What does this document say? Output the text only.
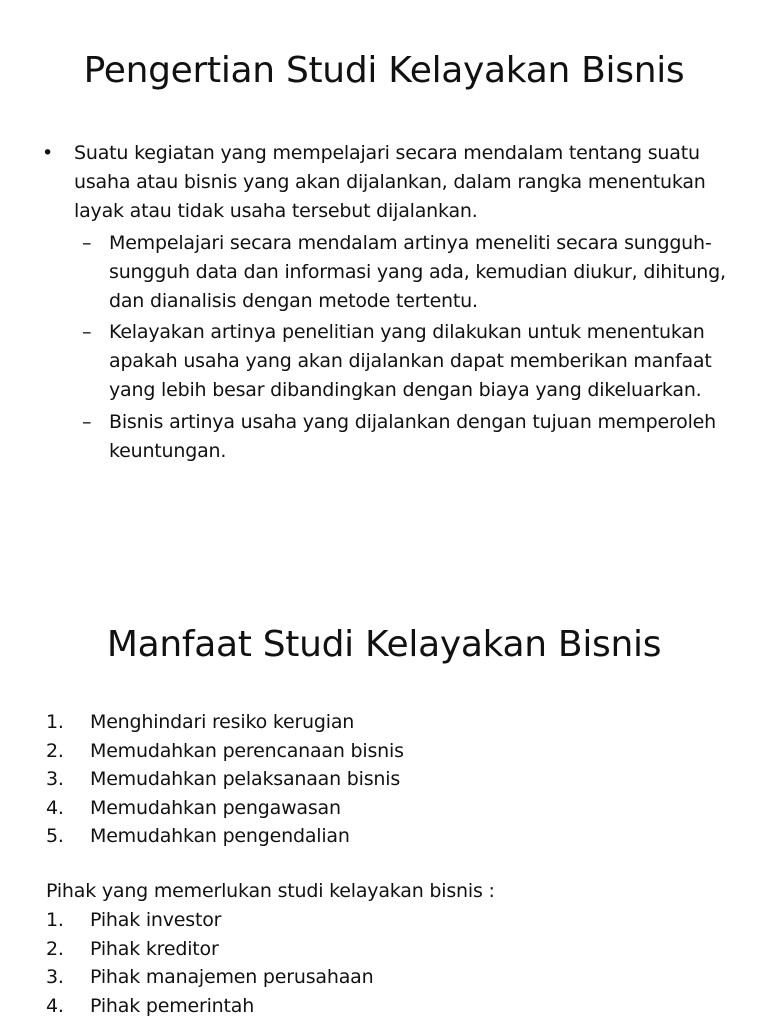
Pengertian Studi Kelayakan Bisnis
• Suatu kegiatan yang mempelajari secara mendalam tentang suatu usaha atau bisnis yang akan dijalankan, dalam rangka menentukan layak atau tidak usaha tersebut dijalankan.
– Mempelajari secara mendalam artinya meneliti secara sungguh-sungguh data dan informasi yang ada, kemudian diukur, dihitung, dan dianalisis dengan metode tertentu.
– Kelayakan artinya penelitian yang dilakukan untuk menentukan apakah usaha yang akan dijalankan dapat memberikan manfaat yang lebih besar dibandingkan dengan biaya yang dikeluarkan.
– Bisnis artinya usaha yang dijalankan dengan tujuan memperoleh keuntungan.
Manfaat Studi Kelayakan Bisnis
1. Menghindari resiko kerugian
2. Memudahkan perencanaan bisnis
3. Memudahkan pelaksanaan bisnis
4. Memudahkan pengawasan
5. Memudahkan pengendalian
Pihak yang memerlukan studi kelayakan bisnis :
1. Pihak investor
2. Pihak kreditor
3. Pihak manajemen perusahaan
4. Pihak pemerintah
